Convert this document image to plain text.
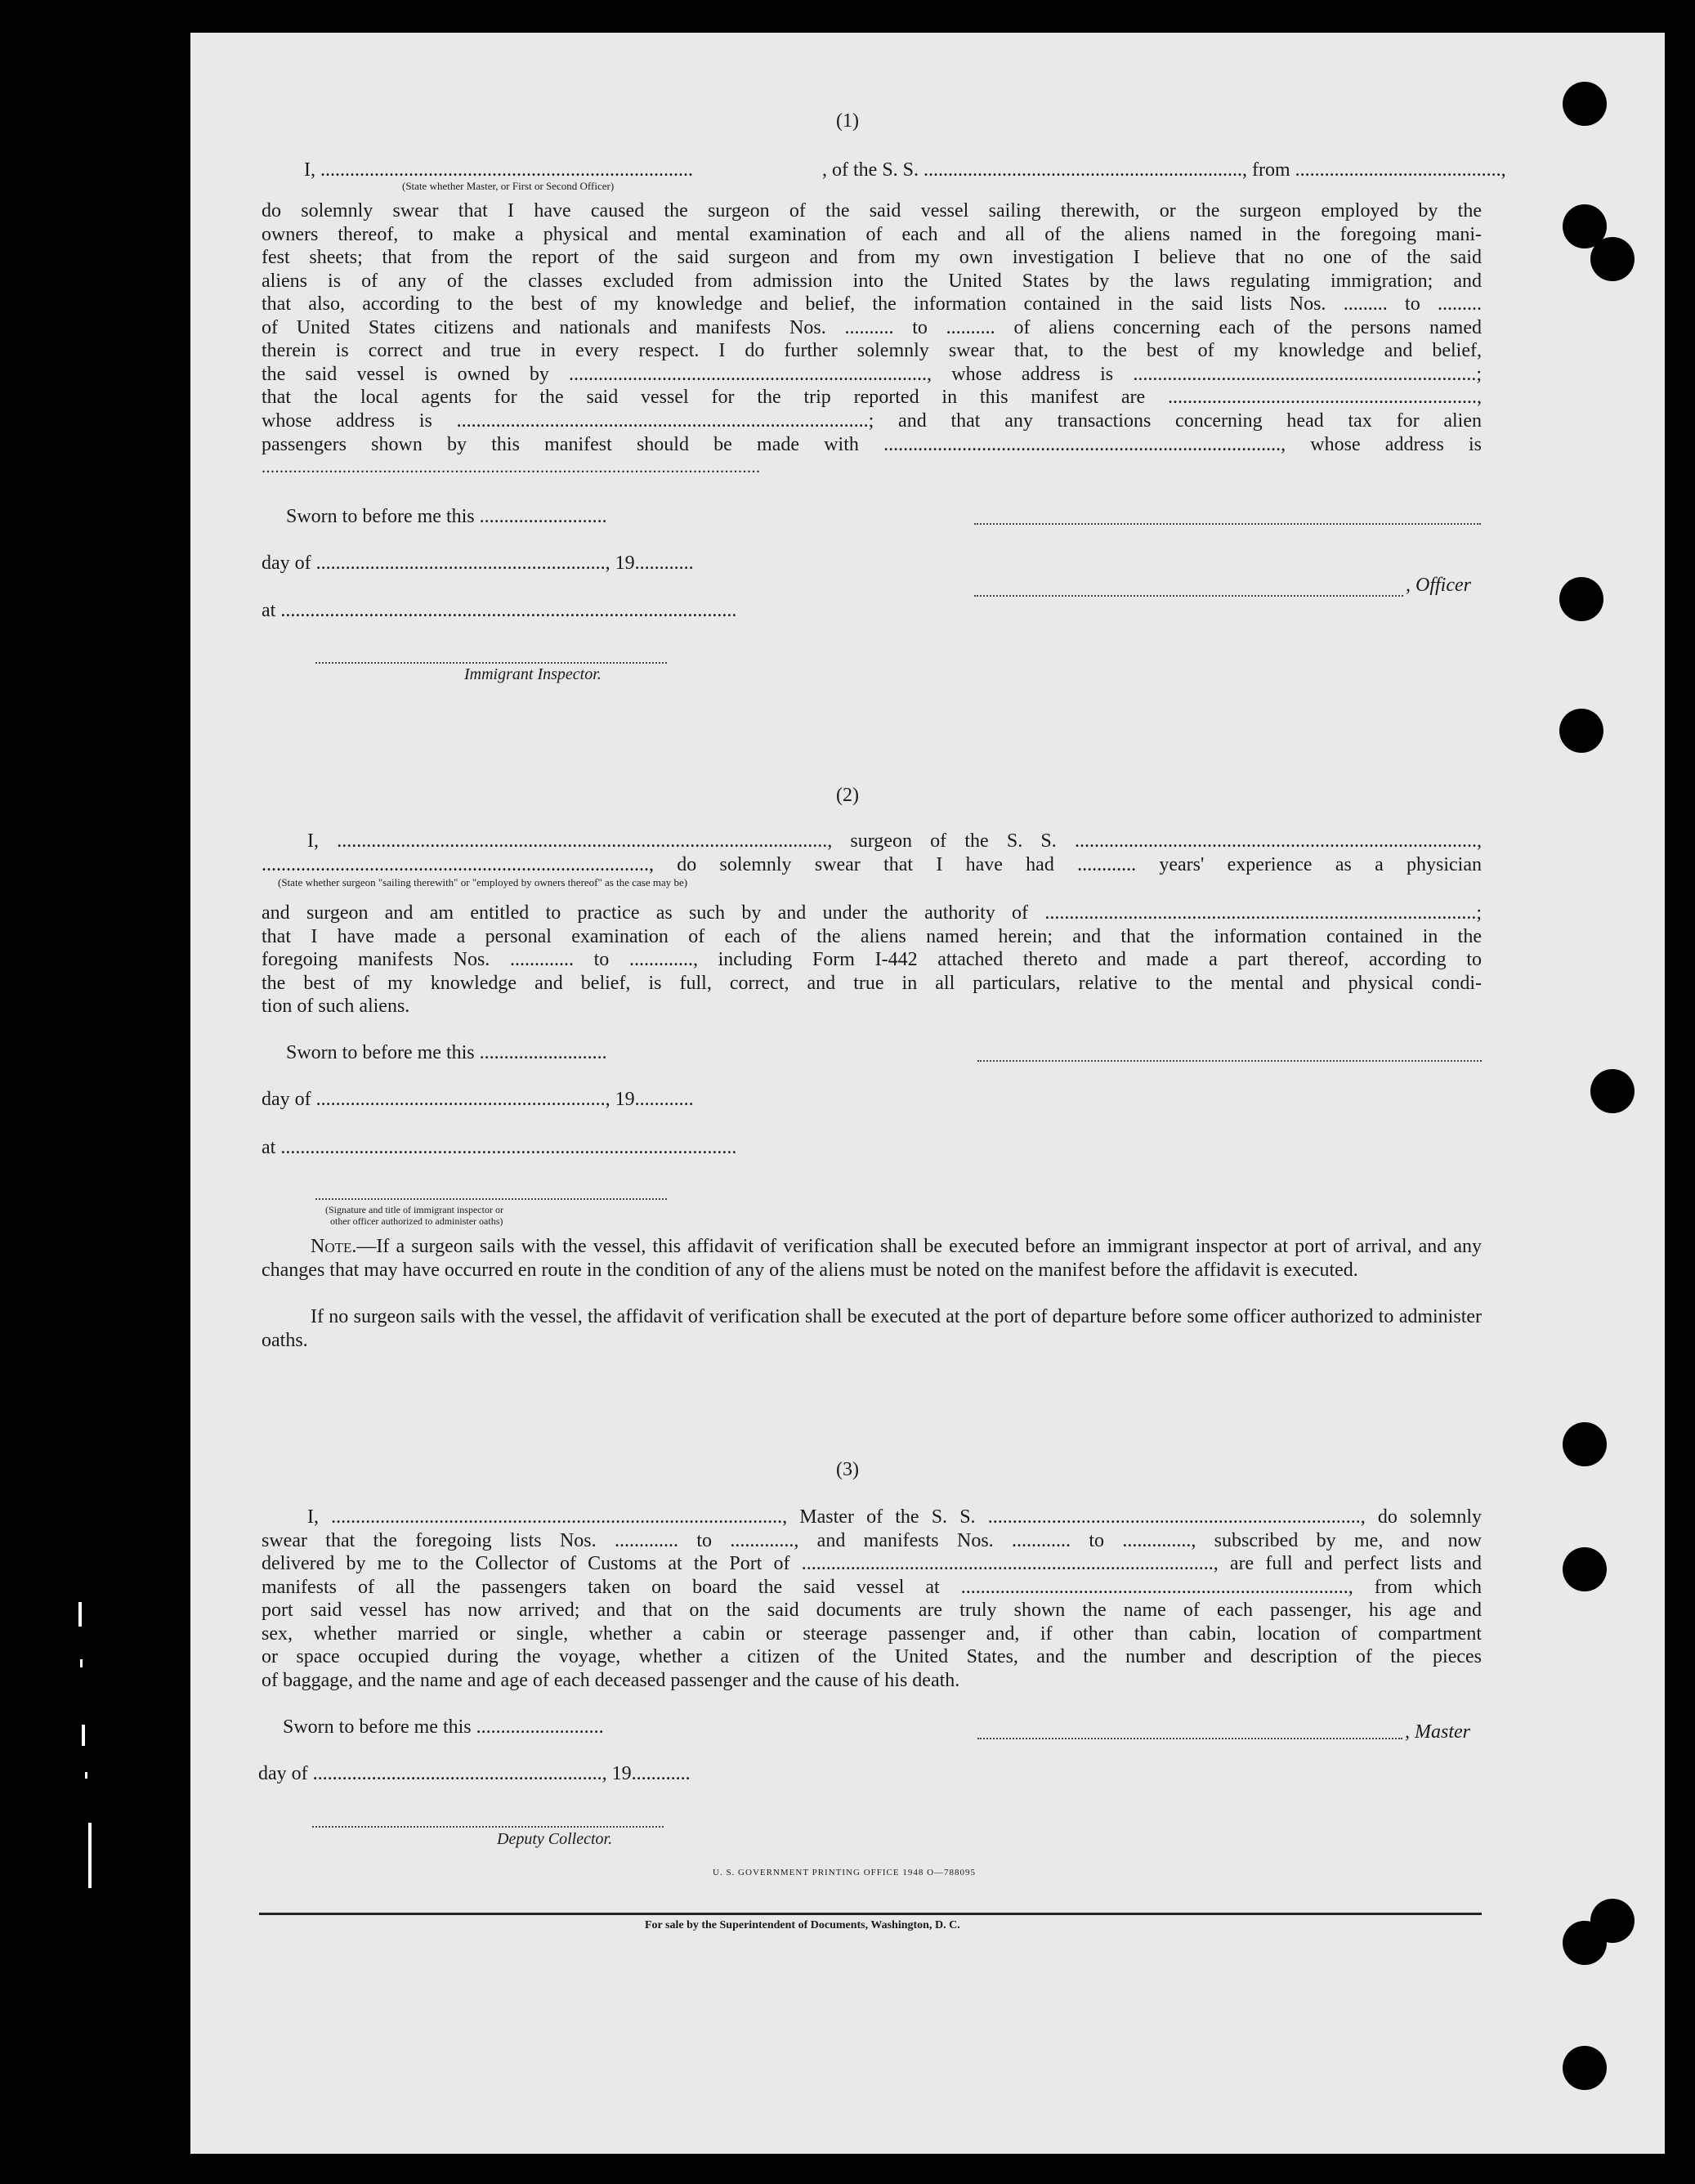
(1)
I, ............................................................................	, of the S. S. ................................................................., from ..........................................,
(State whether Master, or First or Second Officer)
do solemnly swear that I have caused the surgeon of the said vessel sailing therewith, or the surgeon employed by the
owners thereof, to make a physical and mental examination of each and all of the aliens named in the foregoing mani-
fest sheets; that from the report of the said surgeon and from my own investigation I believe that no one of the said
aliens is of any of the classes excluded from admission into the United States by the laws regulating immigration; and
that also, according to the best of my knowledge and belief, the information contained in the said lists Nos. ......... to .........
of United States citizens and nationals and manifests Nos. .......... to .......... of aliens concerning each of the persons named
therein is correct and true in every respect. I do further solemnly swear that, to the best of my knowledge and belief,
the said vessel is owned by ........................................................................., whose address is ......................................................................;
that the local agents for the said vessel for the trip reported in this manifest are ...............................................................,
whose address is ....................................................................................; and that any transactions concerning head tax for alien
passengers shown by this manifest should be made with ................................................................................., whose address is
...............................................................................................................
Sworn to before me this ..........................
day of ..........................................................., 19............
, Officer
at .............................................................................................
Immigrant Inspector.
(2)
I, ...................................................................................................., surgeon of the S. S. ..................................................................................,
..............................................................................., do solemnly swear that I have had ............ years' experience as a physician
(State whether surgeon "sailing therewith" or "employed by owners thereof" as the case may be)
and surgeon and am entitled to practice as such by and under the authority of ........................................................................................;
that I have made a personal examination of each of the aliens named herein; and that the information contained in the
foregoing manifests Nos. ............. to ............., including Form I-442 attached thereto and made a part thereof, according to
the best of my knowledge and belief, is full, correct, and true in all particulars, relative to the mental and physical condi-
tion of such aliens.
Sworn to before me this ..........................
day of ..........................................................., 19............
at .............................................................................................
(Signature and title of immigrant inspector or
other officer authorized to administer oaths)
Note.—If a surgeon sails with the vessel, this affidavit of verification shall be executed before an immigrant inspector at port of arrival, and any changes that may have occurred en route in the condition of any of the aliens must be noted on the manifest before the affidavit is executed.
If no surgeon sails with the vessel, the affidavit of verification shall be executed at the port of departure before some officer authorized to administer oaths.
(3)
I, ............................................................................................, Master of the S. S. ............................................................................, do solemnly
swear that the foregoing lists Nos. ............. to ............., and manifests Nos. ............ to .............., subscribed by me, and now
delivered by me to the Collector of Customs at the Port of ...................................................................................., are full and perfect lists and
manifests of all the passengers taken on board the said vessel at ..............................................................................., from which
port said vessel has now arrived; and that on the said documents are truly shown the name of each passenger, his age and
sex, whether married or single, whether a cabin or steerage passenger and, if other than cabin, location of compartment
or space occupied during the voyage, whether a citizen of the United States, and the number and description of the pieces
of baggage, and the name and age of each deceased passenger and the cause of his death.
Sworn to before me this ..........................	, Master
day of ..........................................................., 19............
Deputy Collector.
U. S. GOVERNMENT PRINTING OFFICE 1948 O—788095
For sale by the Superintendent of Documents, Washington, D. C.
